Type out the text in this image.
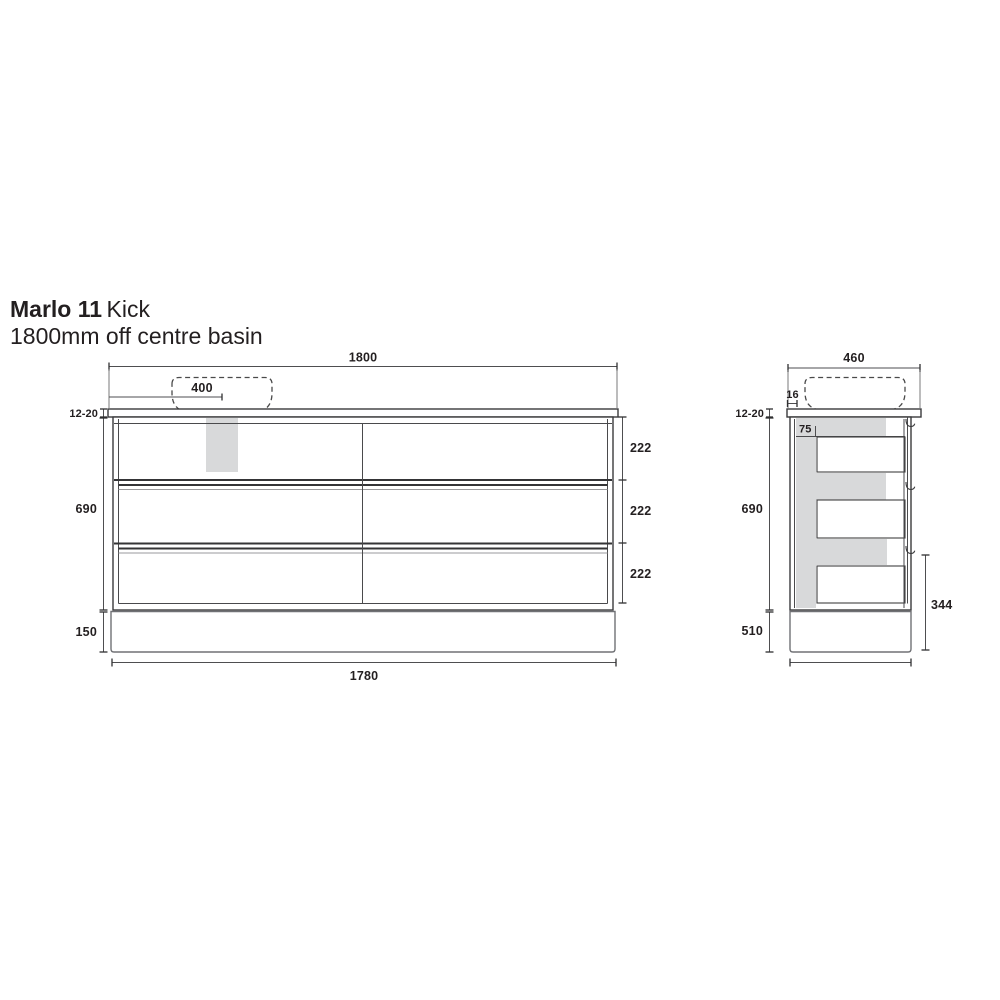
Marlo 11 Kick
1800mm off centre basin
1800
400
1780
12-20
690
150
222
222
222
460
16
75
12-20
690
510
344
